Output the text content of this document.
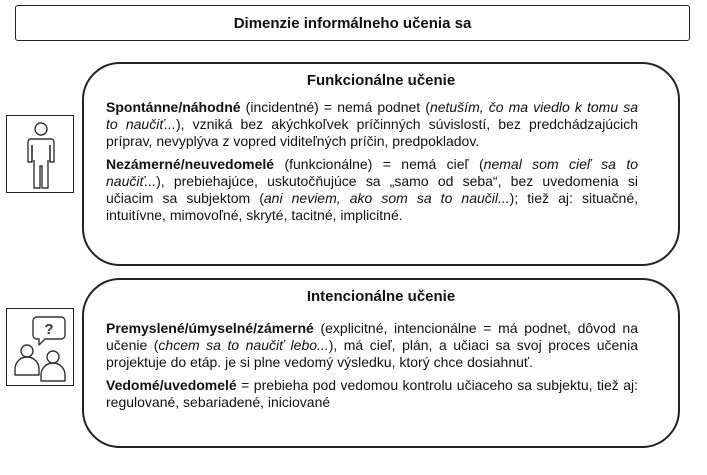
Dimenzie informálneho učenia sa
?
Funkcionálne učenie

Spontánne/náhodné (incidentné) = nemá podnet (netuším, čo ma viedlo k tomu sa to naučiť...), vzniká bez akýchkoľvek príčinných súvislostí, bez predchádzajúcich príprav, nevyplýva z vopred viditeľných príčin, predpokladov.

Nezámerné/neuvedomelé (funkcionálne) = nemá cieľ (nemal som cieľ sa to naučiť...), prebiehajúce, uskutočňujúce sa „samo od seba“, bez uvedomenia si učiacim sa subjektom (ani neviem, ako som sa to naučil...); tiež aj: situačné, intuitívne, mimovoľné, skryté, tacitné, implicitné.

Intencionálne učenie

Premyslené/úmyselné/zámerné (explicitné, intencionálne = má podnet, dôvod na učenie (chcem sa to naučiť lebo...), má cieľ, plán, a učiaci sa svoj proces učenia projektuje do etáp. je si plne vedomý výsledku, ktorý chce dosiahnuť.

Vedomé/uvedomelé = prebieha pod vedomou kontrolu učiaceho sa subjektu, tiež aj: regulované, sebariadené, iniciované
